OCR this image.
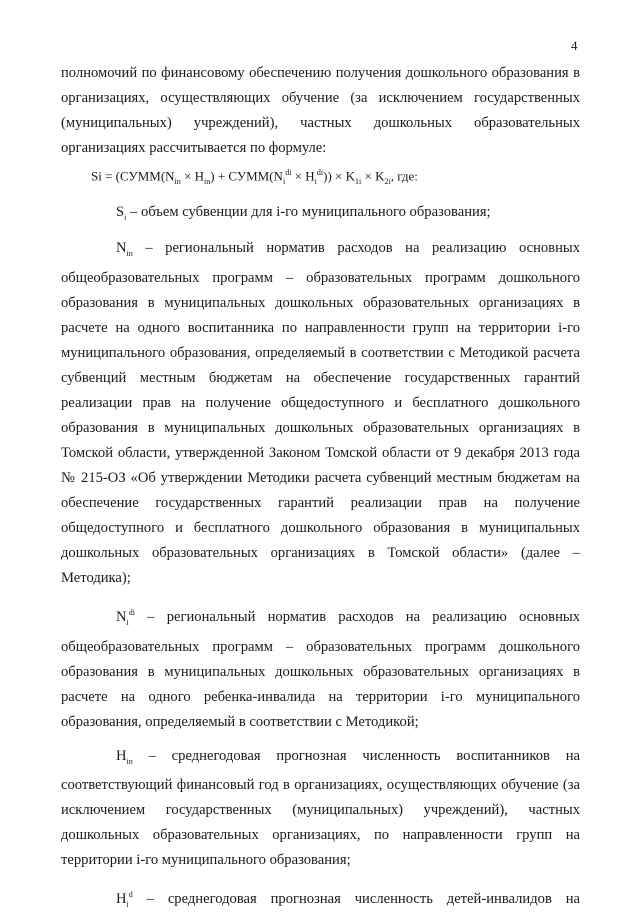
4

полномочий по финансовому обеспечению получения дошкольного образования в организациях, осуществляющих обучение (за исключением государственных (муниципальных) учреждений), частных дошкольных образовательных организациях рассчитывается по формуле:

$Si = (СУММ(N_{in} \times H_{in})$ + $СУММ(N_i^{di} \times H_i^{di})) \times K_{1i} \times K_{2i}$, где:

$S_i$ – объем субвенции для i-го муниципального образования;

$N_{in}$ – региональный норматив расходов на реализацию основных общеобразовательных программ – образовательных программ дошкольного образования в муниципальных дошкольных образовательных организациях в расчете на одного воспитанника по направленности групп на территории i-го муниципального образования, определяемый в соответствии с Методикой расчета субвенций местным бюджетам на обеспечение государственных гарантий реализации прав на получение общедоступного и бесплатного дошкольного образования в муниципальных дошкольных образовательных организациях в Томской области, утвержденной Законом Томской области от 9 декабря 2013 года № 215-ОЗ «Об утверждении Методики расчета субвенций местным бюджетам на обеспечение государственных гарантий реализации прав на получение общедоступного и бесплатного дошкольного образования в муниципальных дошкольных образовательных организациях в Томской области» (далее – Методика);

$N_i^{di}$ – региональный норматив расходов на реализацию основных общеобразовательных программ – образовательных программ дошкольного образования в муниципальных дошкольных образовательных организациях в расчете на одного ребенка-инвалида на территории i-го муниципального образования, определяемый в соответствии с Методикой;

$H_{in}$ – среднегодовая прогнозная численность воспитанников на соответствующий финансовый год в организациях, осуществляющих обучение (за исключением государственных (муниципальных) учреждений), частных дошкольных образовательных организациях, по направленности групп на территории i-го муниципального образования;

$H_i^d$ – среднегодовая прогнозная численность детей-инвалидов на
